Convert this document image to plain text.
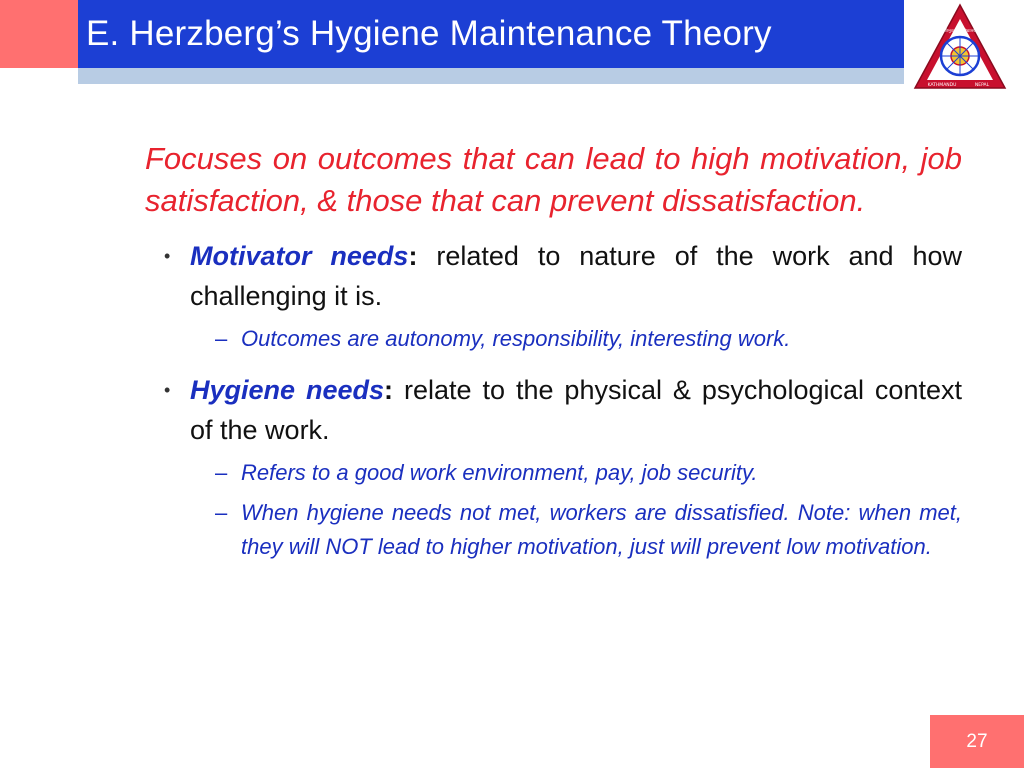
E. Herzberg’s Hygiene Maintenance Theory	त्रिभुवन विश्वविद्यालय
KATHMANDU	NEPAL

Focuses on outcomes that can lead to high motivation, job satisfaction, & those that can prevent dissatisfaction.

• Motivator needs: related to nature of the work and how challenging it is.
– Outcomes are autonomy, responsibility, interesting work.
• Hygiene needs: relate to the physical & psychological context of the work.
– Refers to a good work environment, pay, job security.
– When hygiene needs not met, workers are dissatisfied. Note: when met, they will NOT lead to higher motivation, just will prevent low motivation.
27
